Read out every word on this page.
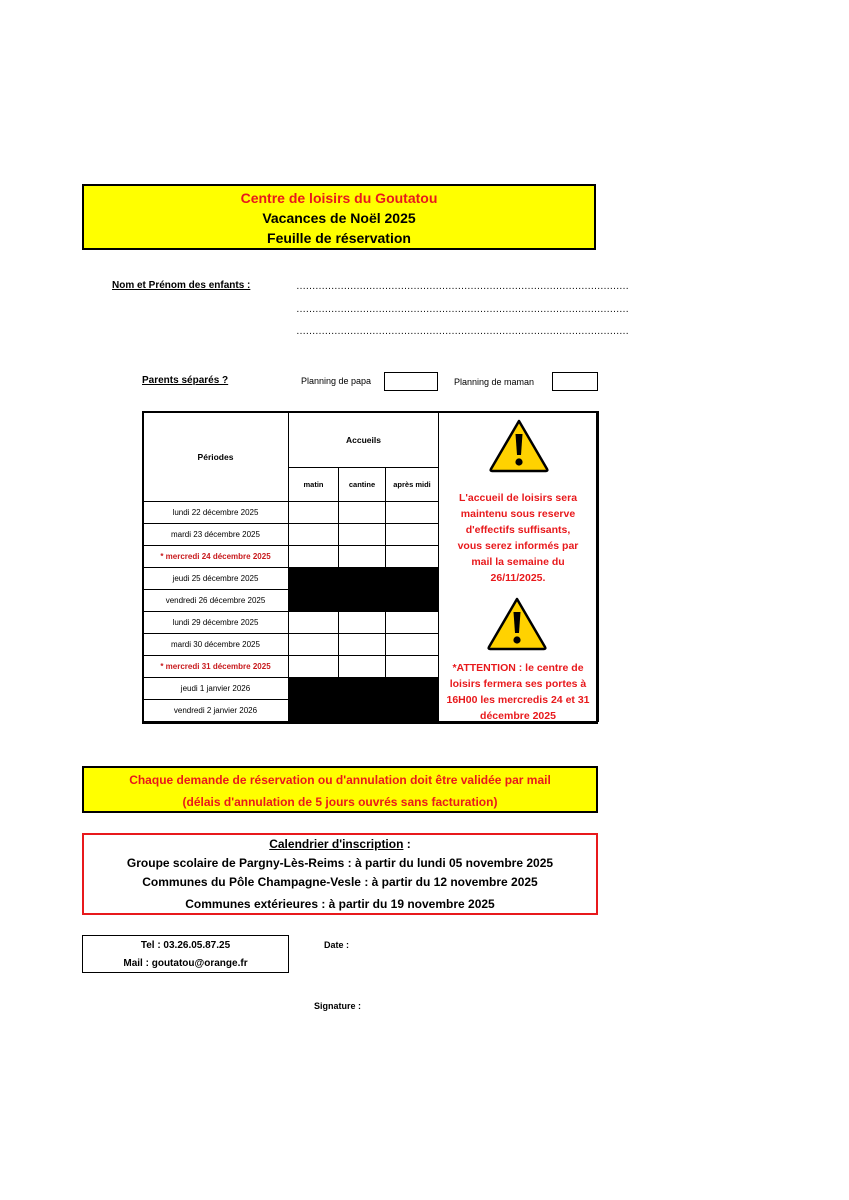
Centre de loisirs du Goutatou
Vacances de Noël 2025
Feuille de réservation
Nom et Prénom des enfants :	……………………………………………………………………………………………
……………………………………………………………………………………………
……………………………………………………………………………………………
Parents séparés ?	Planning de papa	Planning de maman
Périodes	Accueils			
	matin	cantine	après midi	
lundi 22 décembre 2025				
mardi 23 décembre 2025				
* mercredi 24 décembre 2025				
jeudi 25 décembre 2025				
vendredi 26 décembre 2025				
lundi 29 décembre 2025				
mardi 30 décembre 2025				
* mercredi 31 décembre 2025				
jeudi 1 janvier 2026				
vendredi 2 janvier 2026				
L'accueil de loisirs sera maintenu sous reserve d'effectifs suffisants, vous serez informés par mail la semaine du 26/11/2025.
*ATTENTION : le centre de loisirs fermera ses portes à 16H00 les mercredis 24 et 31 décembre 2025
Chaque demande de réservation ou d'annulation doit être validée par mail
(délais d'annulation de 5 jours ouvrés sans facturation)
Calendrier d'inscription :
Groupe scolaire de Pargny-Lès-Reims : à partir du lundi 05 novembre 2025
Communes du Pôle Champagne-Vesle : à partir du 12 novembre 2025
Communes extérieures : à partir du 19 novembre 2025
Tel : 03.26.05.87.25
Mail : goutatou@orange.fr
Date :
Signature :
